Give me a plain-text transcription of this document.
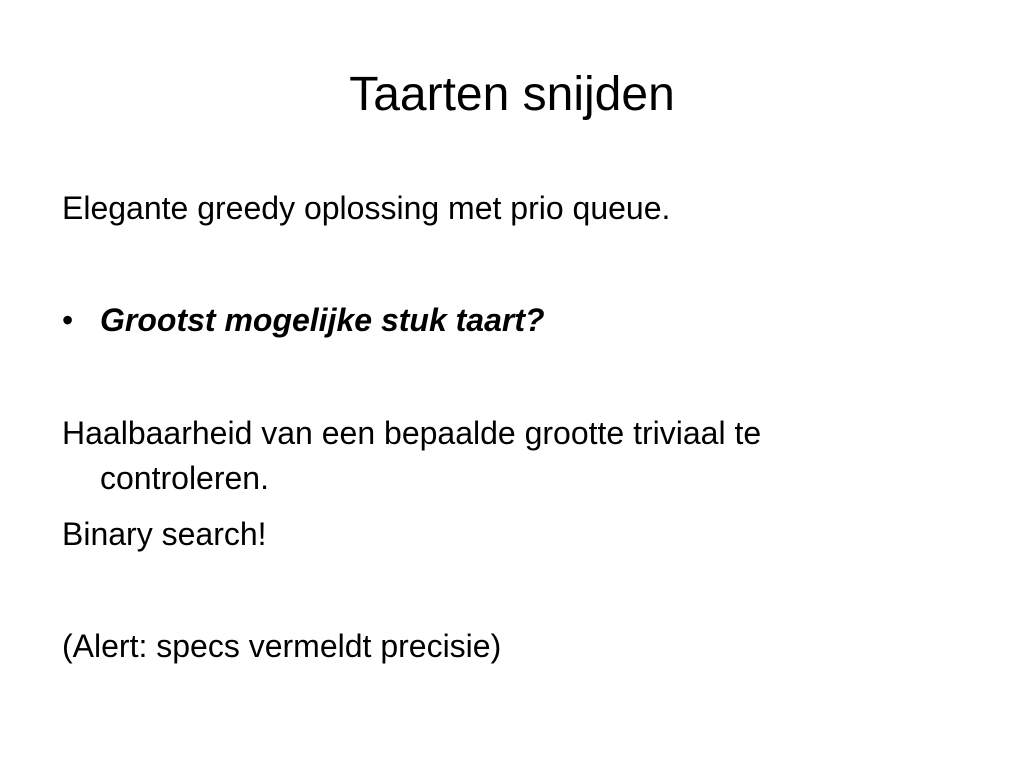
Taarten snijden
Elegante greedy oplossing met prio queue.
• Grootst mogelijke stuk taart?
Haalbaarheid van een bepaalde grootte triviaal te
controleren.
Binary search!
(Alert: specs vermeldt precisie)
